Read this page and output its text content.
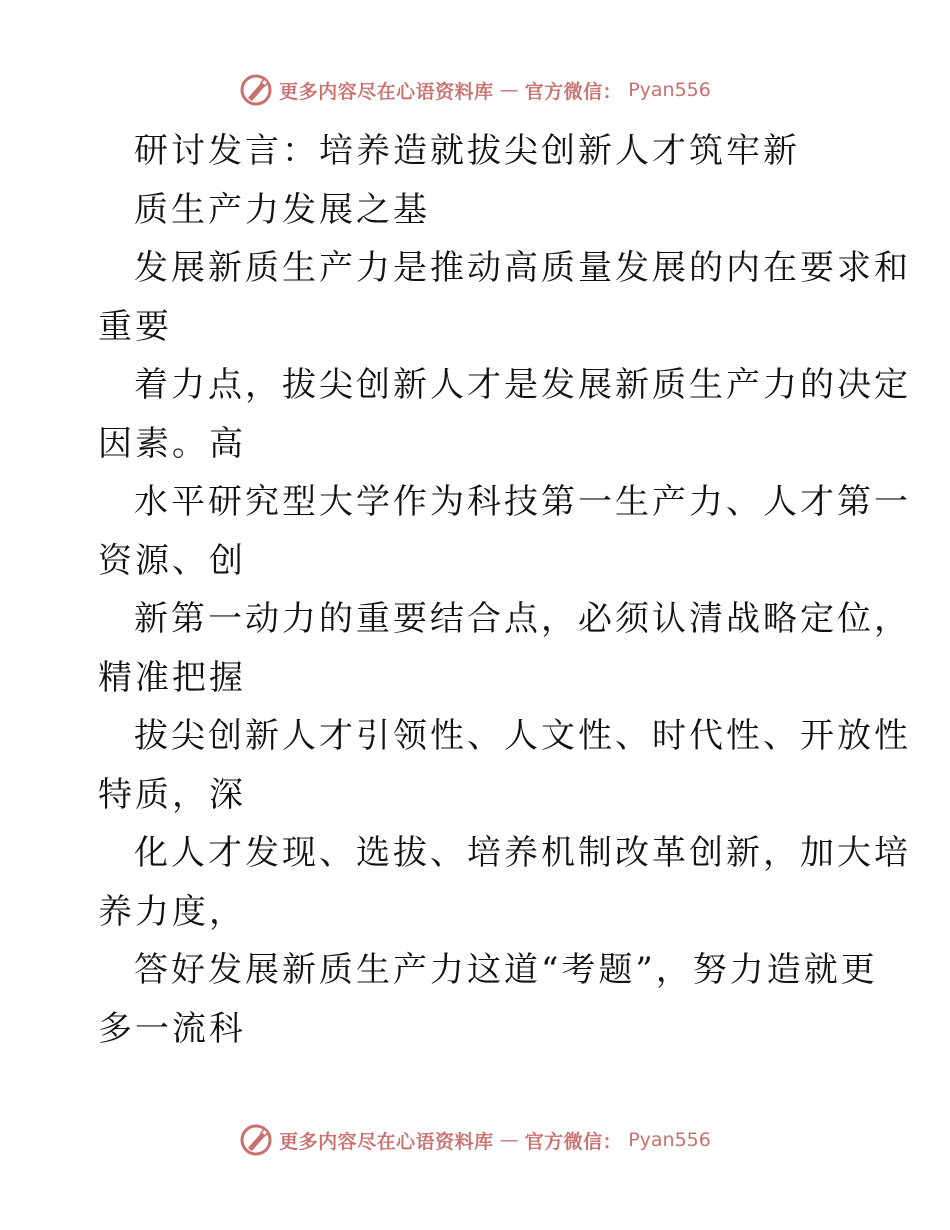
更多内容尽在心语资料库 — 官方微信： Pyan556
研讨发言：培养造就拔尖创新人才筑牢新
质生产力发展之基
发展新质生产力是推动高质量发展的内在要求和
重要
着力点，拔尖创新人才是发展新质生产力的决定
因素。高
水平研究型大学作为科技第一生产力、人才第一
资源、创
新第一动力的重要结合点，必须认清战略定位，
精准把握
拔尖创新人才引领性、人文性、时代性、开放性
特质，深
化人才发现、选拔、培养机制改革创新，加大培
养力度，
答好发展新质生产力这道“考题”，努力造就更
多一流科
更多内容尽在心语资料库 — 官方微信： Pyan556
